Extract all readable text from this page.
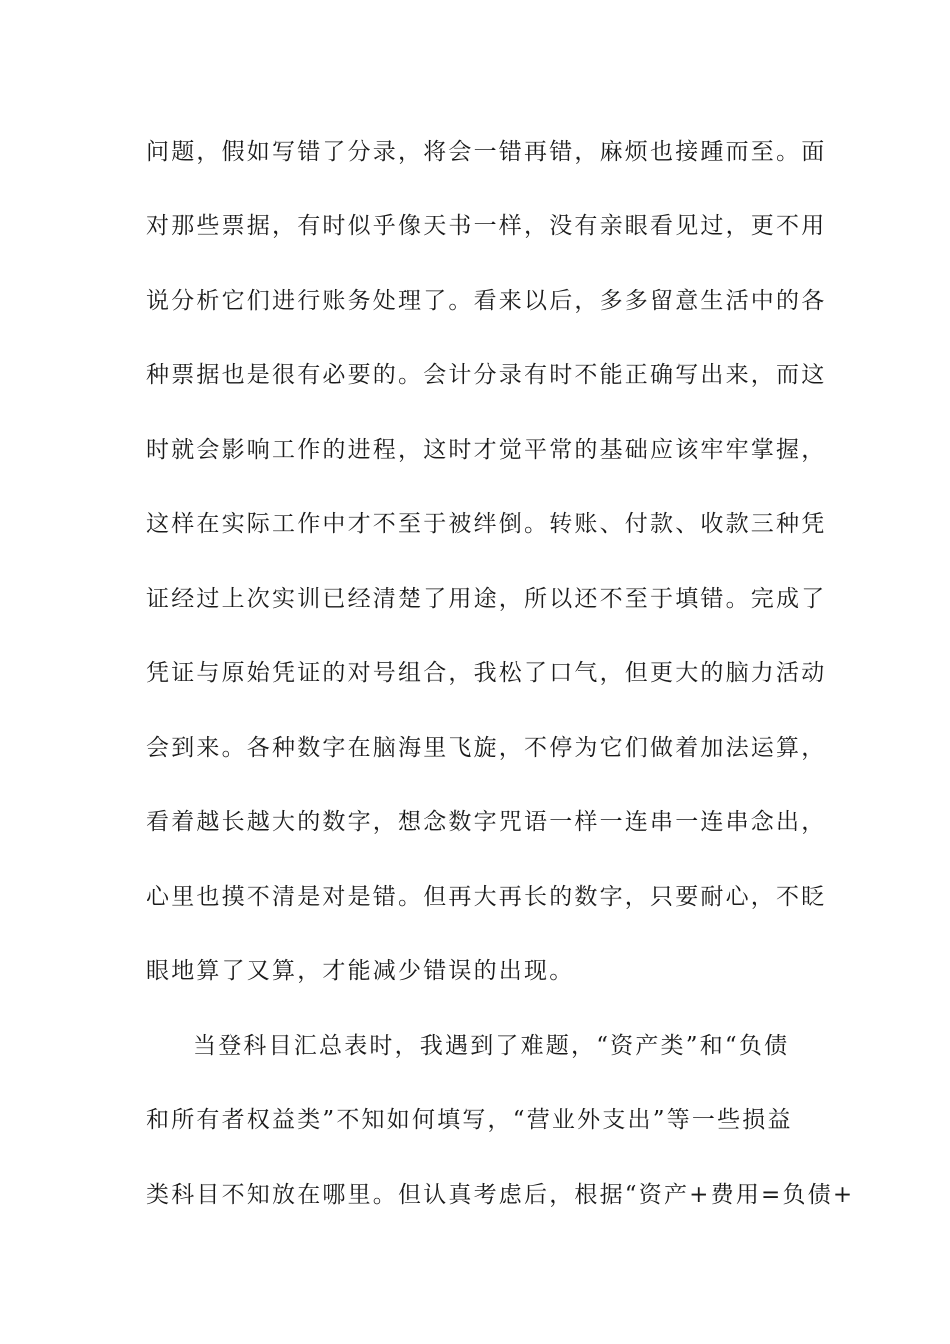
问题，假如写错了分录，将会一错再错，麻烦也接踵而至。面
对那些票据，有时似乎像天书一样，没有亲眼看见过，更不用
说分析它们进行账务处理了。看来以后，多多留意生活中的各
种票据也是很有必要的。会计分录有时不能正确写出来，而这
时就会影响工作的进程，这时才觉平常的基础应该牢牢掌握，
这样在实际工作中才不至于被绊倒。转账、付款、收款三种凭
证经过上次实训已经清楚了用途，所以还不至于填错。完成了
凭证与原始凭证的对号组合，我松了口气，但更大的脑力活动
会到来。各种数字在脑海里飞旋，不停为它们做着加法运算，
看着越长越大的数字，想念数字咒语一样一连串一连串念出，
心里也摸不清是对是错。但再大再长的数字，只要耐心，不眨
眼地算了又算，才能减少错误的出现。
当登科目汇总表时，我遇到了难题，“资产类”和“负债
和所有者权益类”不知如何填写，“营业外支出”等一些损益
类科目不知放在哪里。但认真考虑后，根据“资产+费用=负债+
